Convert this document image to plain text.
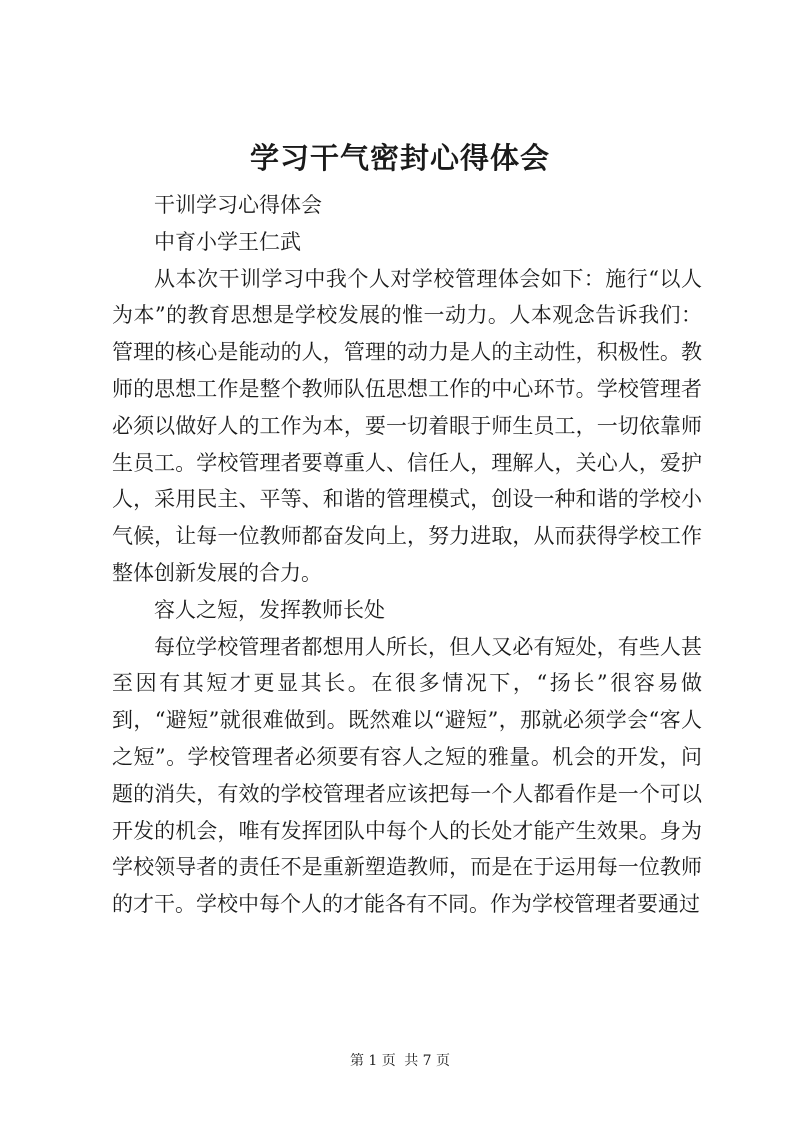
学习干气密封心得体会

干训学习心得体会

中育小学王仁武

从本次干训学习中我个人对学校管理体会如下：施行“以人为本”的教育思想是学校发展的惟一动力。人本观念告诉我们：管理的核心是能动的人，管理的动力是人的主动性，积极性。教师的思想工作是整个教师队伍思想工作的中心环节。学校管理者必须以做好人的工作为本，要一切着眼于师生员工，一切依靠师生员工。学校管理者要尊重人、信任人，理解人，关心人，爱护人，采用民主、平等、和谐的管理模式，创设一种和谐的学校小气候，让每一位教师都奋发向上，努力进取，从而获得学校工作整体创新发展的合力。

容人之短，发挥教师长处

每位学校管理者都想用人所长，但人又必有短处，有些人甚至因有其短才更显其长。在很多情况下，“扬长”很容易做到，“避短”就很难做到。既然难以“避短”，那就必须学会“客人之短”。学校管理者必须要有容人之短的雅量。机会的开发，问题的消失，有效的学校管理者应该把每一个人都看作是一个可以开发的机会，唯有发挥团队中每个人的长处才能产生效果。身为学校领导者的责任不是重新塑造教师，而是在于运用每一位教师的才干。学校中每个人的才能各有不同。作为学校管理者要通过

第 1 页 共 7 页
